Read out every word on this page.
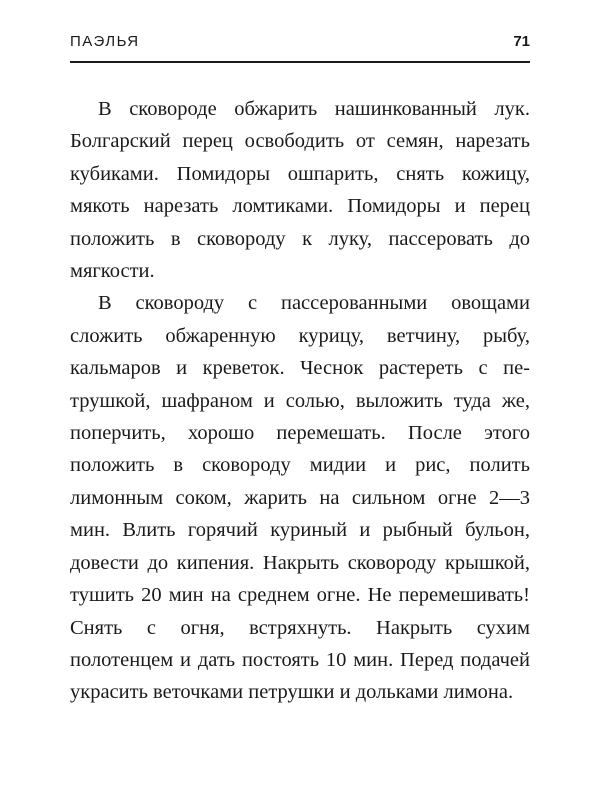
ПАЭЛЬЯ	71

В сковороде обжарить нашинкованный лук. Болгарский перец освободить от семян, нарезать кубиками. Помидоры ошпарить, снять кожицу, мякоть нарезать ломтиками. Помидоры и перец положить в сковороду к луку, пассеровать до мягкости.

В сковороду с пассерованными овощами сложить обжаренную курицу, ветчину, рыбу, кальмаров и креветок. Чеснок растереть с петрушкой, шафраном и солью, выложить туда же, поперчить, хорошо перемешать. После этого положить в сковороду мидии и рис, полить лимонным соком, жарить на сильном огне 2—3 мин. Влить горячий куриный и рыбный бульон, довести до кипения. Накрыть сковороду крышкой, тушить 20 мин на среднем огне. Не перемешивать! Снять с огня, встряхнуть. Накрыть сухим полотенцем и дать постоять 10 мин. Перед подачей украсить веточками петрушки и дольками лимона.
